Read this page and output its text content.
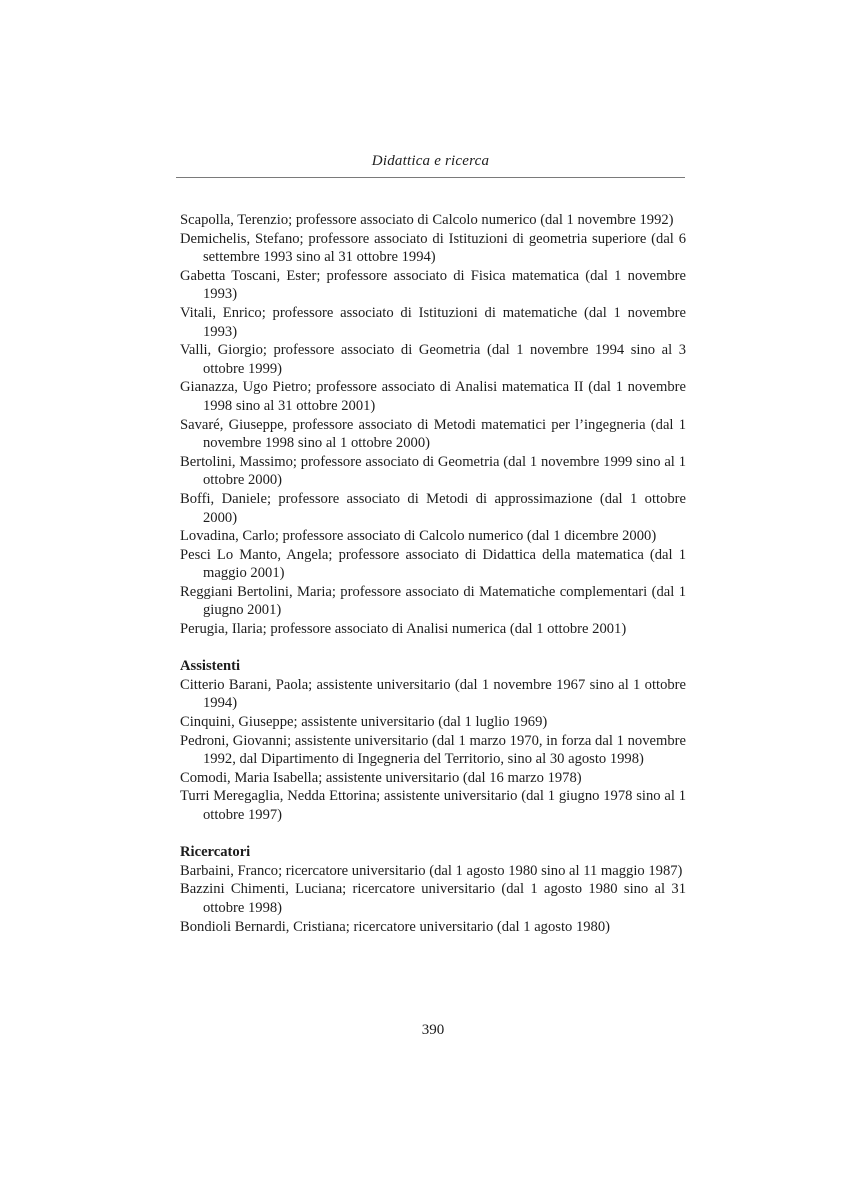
Didattica e ricerca

Scapolla, Terenzio; professore associato di Calcolo numerico (dal 1 novembre 1992)

Demichelis, Stefano; professore associato di Istituzioni di geometria superiore (dal 6 settembre 1993 sino al 31 ottobre 1994)

Gabetta Toscani, Ester; professore associato di Fisica matematica (dal 1 novembre 1993)

Vitali, Enrico; professore associato di Istituzioni di matematiche (dal 1 novembre 1993)

Valli, Giorgio; professore associato di Geometria (dal 1 novembre 1994 sino al 3 ottobre 1999)

Gianazza, Ugo Pietro; professore associato di Analisi matematica II (dal 1 novembre 1998 sino al 31 ottobre 2001)

Savaré, Giuseppe, professore associato di Metodi matematici per l’ingegneria (dal 1 novembre 1998 sino al 1 ottobre 2000)

Bertolini, Massimo; professore associato di Geometria (dal 1 novembre 1999 sino al 1 ottobre 2000)

Boffi, Daniele; professore associato di Metodi di approssimazione (dal 1 ottobre 2000)

Lovadina, Carlo; professore associato di Calcolo numerico (dal 1 dicembre 2000)

Pesci Lo Manto, Angela; professore associato di Didattica della matematica (dal 1 maggio 2001)

Reggiani Bertolini, Maria; professore associato di Matematiche complementari (dal 1 giugno 2001)

Perugia, Ilaria; professore associato di Analisi numerica (dal 1 ottobre 2001)

Assistenti

Citterio Barani, Paola; assistente universitario (dal 1 novembre 1967 sino al 1 ottobre 1994)

Cinquini, Giuseppe; assistente universitario (dal 1 luglio 1969)

Pedroni, Giovanni; assistente universitario (dal 1 marzo 1970, in forza dal 1 novembre 1992, dal Dipartimento di Ingegneria del Territorio, sino al 30 agosto 1998)

Comodi, Maria Isabella; assistente universitario (dal 16 marzo 1978)

Turri Meregaglia, Nedda Ettorina; assistente universitario (dal 1 giugno 1978 sino al 1 ottobre 1997)

Ricercatori

Barbaini, Franco; ricercatore universitario (dal 1 agosto 1980 sino al 11 maggio 1987)

Bazzini Chimenti, Luciana; ricercatore universitario (dal 1 agosto 1980 sino al 31 ottobre 1998)

Bondioli Bernardi, Cristiana; ricercatore universitario (dal 1 agosto 1980)

390
